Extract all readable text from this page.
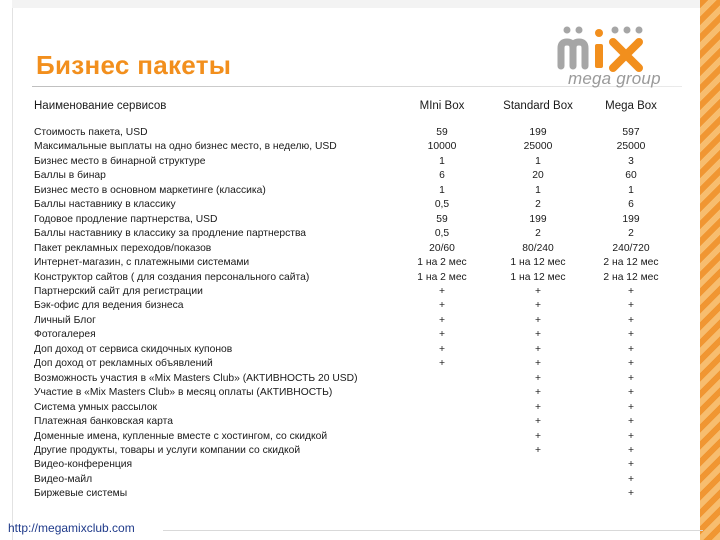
Бизнес пакеты	mega group
Наименование сервисов	MIni Box	Standard Box	Mega Box

Стоимость пакета, USD	59	199	597
Максимальные выплаты на одно бизнес место, в неделю, USD	10000	25000	25000
Бизнес место в бинарной структуре	1	1	3
Баллы в бинар	6	20	60
Бизнес место в основном маркетинге (классика)	1	1	1
Баллы наставнику в классику	0,5	2	6
Годовое продление партнерства, USD	59	199	199
Баллы наставнику в классику за продление партнерства	0,5	2	2
Пакет рекламных переходов/показов	20/60	80/240	240/720
Интернет-магазин, с платежными системами	1 на 2 мес	1 на 12 мес	2 на 12 мес
Конструктор сайтов ( для создания персонального сайта)	1 на 2 мес	1 на 12 мес	2 на 12 мес
Партнерский сайт для регистрации	+	+	+
Бэк-офис для ведения бизнеса	+	+	+
Личный Блог	+	+	+
Фотогалерея	+	+	+
Доп доход от сервиса скидочных купонов	+	+	+
Доп доход от рекламных объявлений	+	+	+
Возможность участия в «Mix Masters Club» (АКТИВНОСТЬ 20 USD)		+	+
Участие в «Mix Masters Club» в месяц оплаты (АКТИВНОСТЬ)		+	+
Система умных рассылок		+	+
Платежная банковская карта		+	+
Доменные имена, купленные вместе с хостингом, со скидкой		+	+
Другие продукты, товары и услуги компании со скидкой		+	+
Видео-конференция			+
Видео-майл			+
Биржевые системы			+
http://megamixclub.com
